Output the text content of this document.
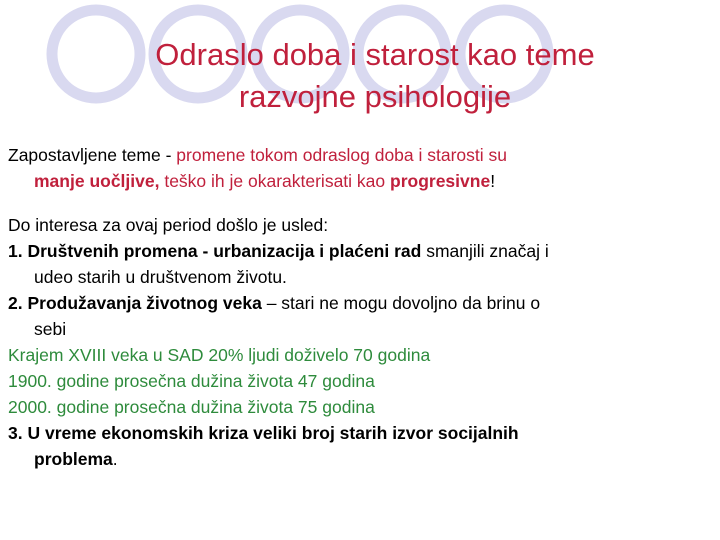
Odraslo doba i starost kao teme
razvojne psihologije
Zapostavljene teme - promene tokom odraslog doba i starosti su
manje uočljive, teško ih je okarakterisati kao progresivne!
Do interesa za ovaj period došlo je usled:
1. Društvenih promena - urbanizacija i plaćeni rad smanjili značaj i
udeo starih u društvenom životu.
2. Produžavanja životnog veka – stari ne mogu dovoljno da brinu o
sebi
Krajem XVIII veka u SAD 20% ljudi doživelo 70 godina
1900. godine prosečna dužina života 47 godina
2000. godine prosečna dužina života 75 godina
3. U vreme ekonomskih kriza veliki broj starih izvor socijalnih
problema.
